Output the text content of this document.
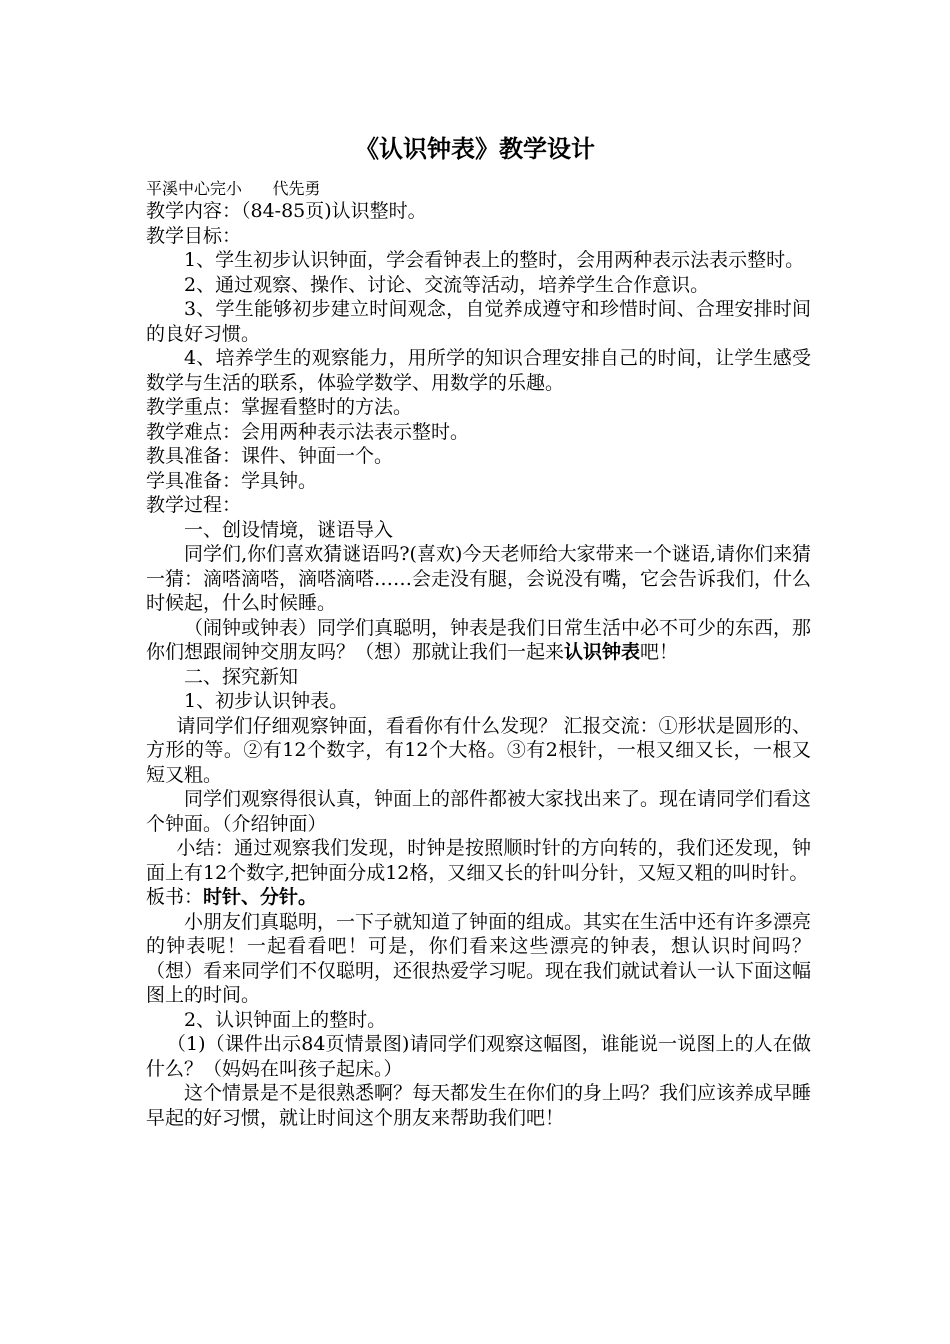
《认识钟表》教学设计
平溪中心完小      代先勇

教学内容：（84-85页)认识整时。

教学目标：

1、学生初步认识钟面，学会看钟表上的整时，会用两种表示法表示整时。

2、通过观察、操作、讨论、交流等活动，培养学生合作意识。

3、学生能够初步建立时间观念，自觉养成遵守和珍惜时间、合理安排时间的良好习惯。

4、培养学生的观察能力，用所学的知识合理安排自己的时间，让学生感受数学与生活的联系，体验学数学、用数学的乐趣。

教学重点：掌握看整时的方法。

教学难点：会用两种表示法表示整时。

教具准备：课件、钟面一个。

学具准备：学具钟。

教学过程：

一、创设情境，谜语导入

同学们,你们喜欢猜谜语吗?(喜欢)今天老师给大家带来一个谜语,请你们来猜一猜：滴嗒滴嗒，滴嗒滴嗒……会走没有腿，会说没有嘴，它会告诉我们，什么时候起，什么时候睡。

（闹钟或钟表）同学们真聪明，钟表是我们日常生活中必不可少的东西，那你们想跟闹钟交朋友吗？（想）那就让我们一起来认识钟表吧！

二、探究新知

1、初步认识钟表。

请同学们仔细观察钟面，看看你有什么发现？ 汇报交流：①形状是圆形的、方形的等。②有12个数字，有12个大格。③有2根针，一根又细又长，一根又短又粗。

同学们观察得很认真，钟面上的部件都被大家找出来了。现在请同学们看这个钟面。（介绍钟面）

小结：通过观察我们发现，时钟是按照顺时针的方向转的，我们还发现，钟面上有12个数字,把钟面分成12格，又细又长的针叫分针，又短又粗的叫时针。

板书：时针、分针。

小朋友们真聪明，一下子就知道了钟面的组成。其实在生活中还有许多漂亮的钟表呢！一起看看吧！可是，你们看来这些漂亮的钟表，想认识时间吗？（想）看来同学们不仅聪明，还很热爱学习呢。现在我们就试着认一认下面这幅图上的时间。

2、认识钟面上的整时。

（1)（课件出示84页情景图)请同学们观察这幅图，谁能说一说图上的人在做什么？（妈妈在叫孩子起床。）

这个情景是不是很熟悉啊？每天都发生在你们的身上吗？我们应该养成早睡早起的好习惯，就让时间这个朋友来帮助我们吧！
